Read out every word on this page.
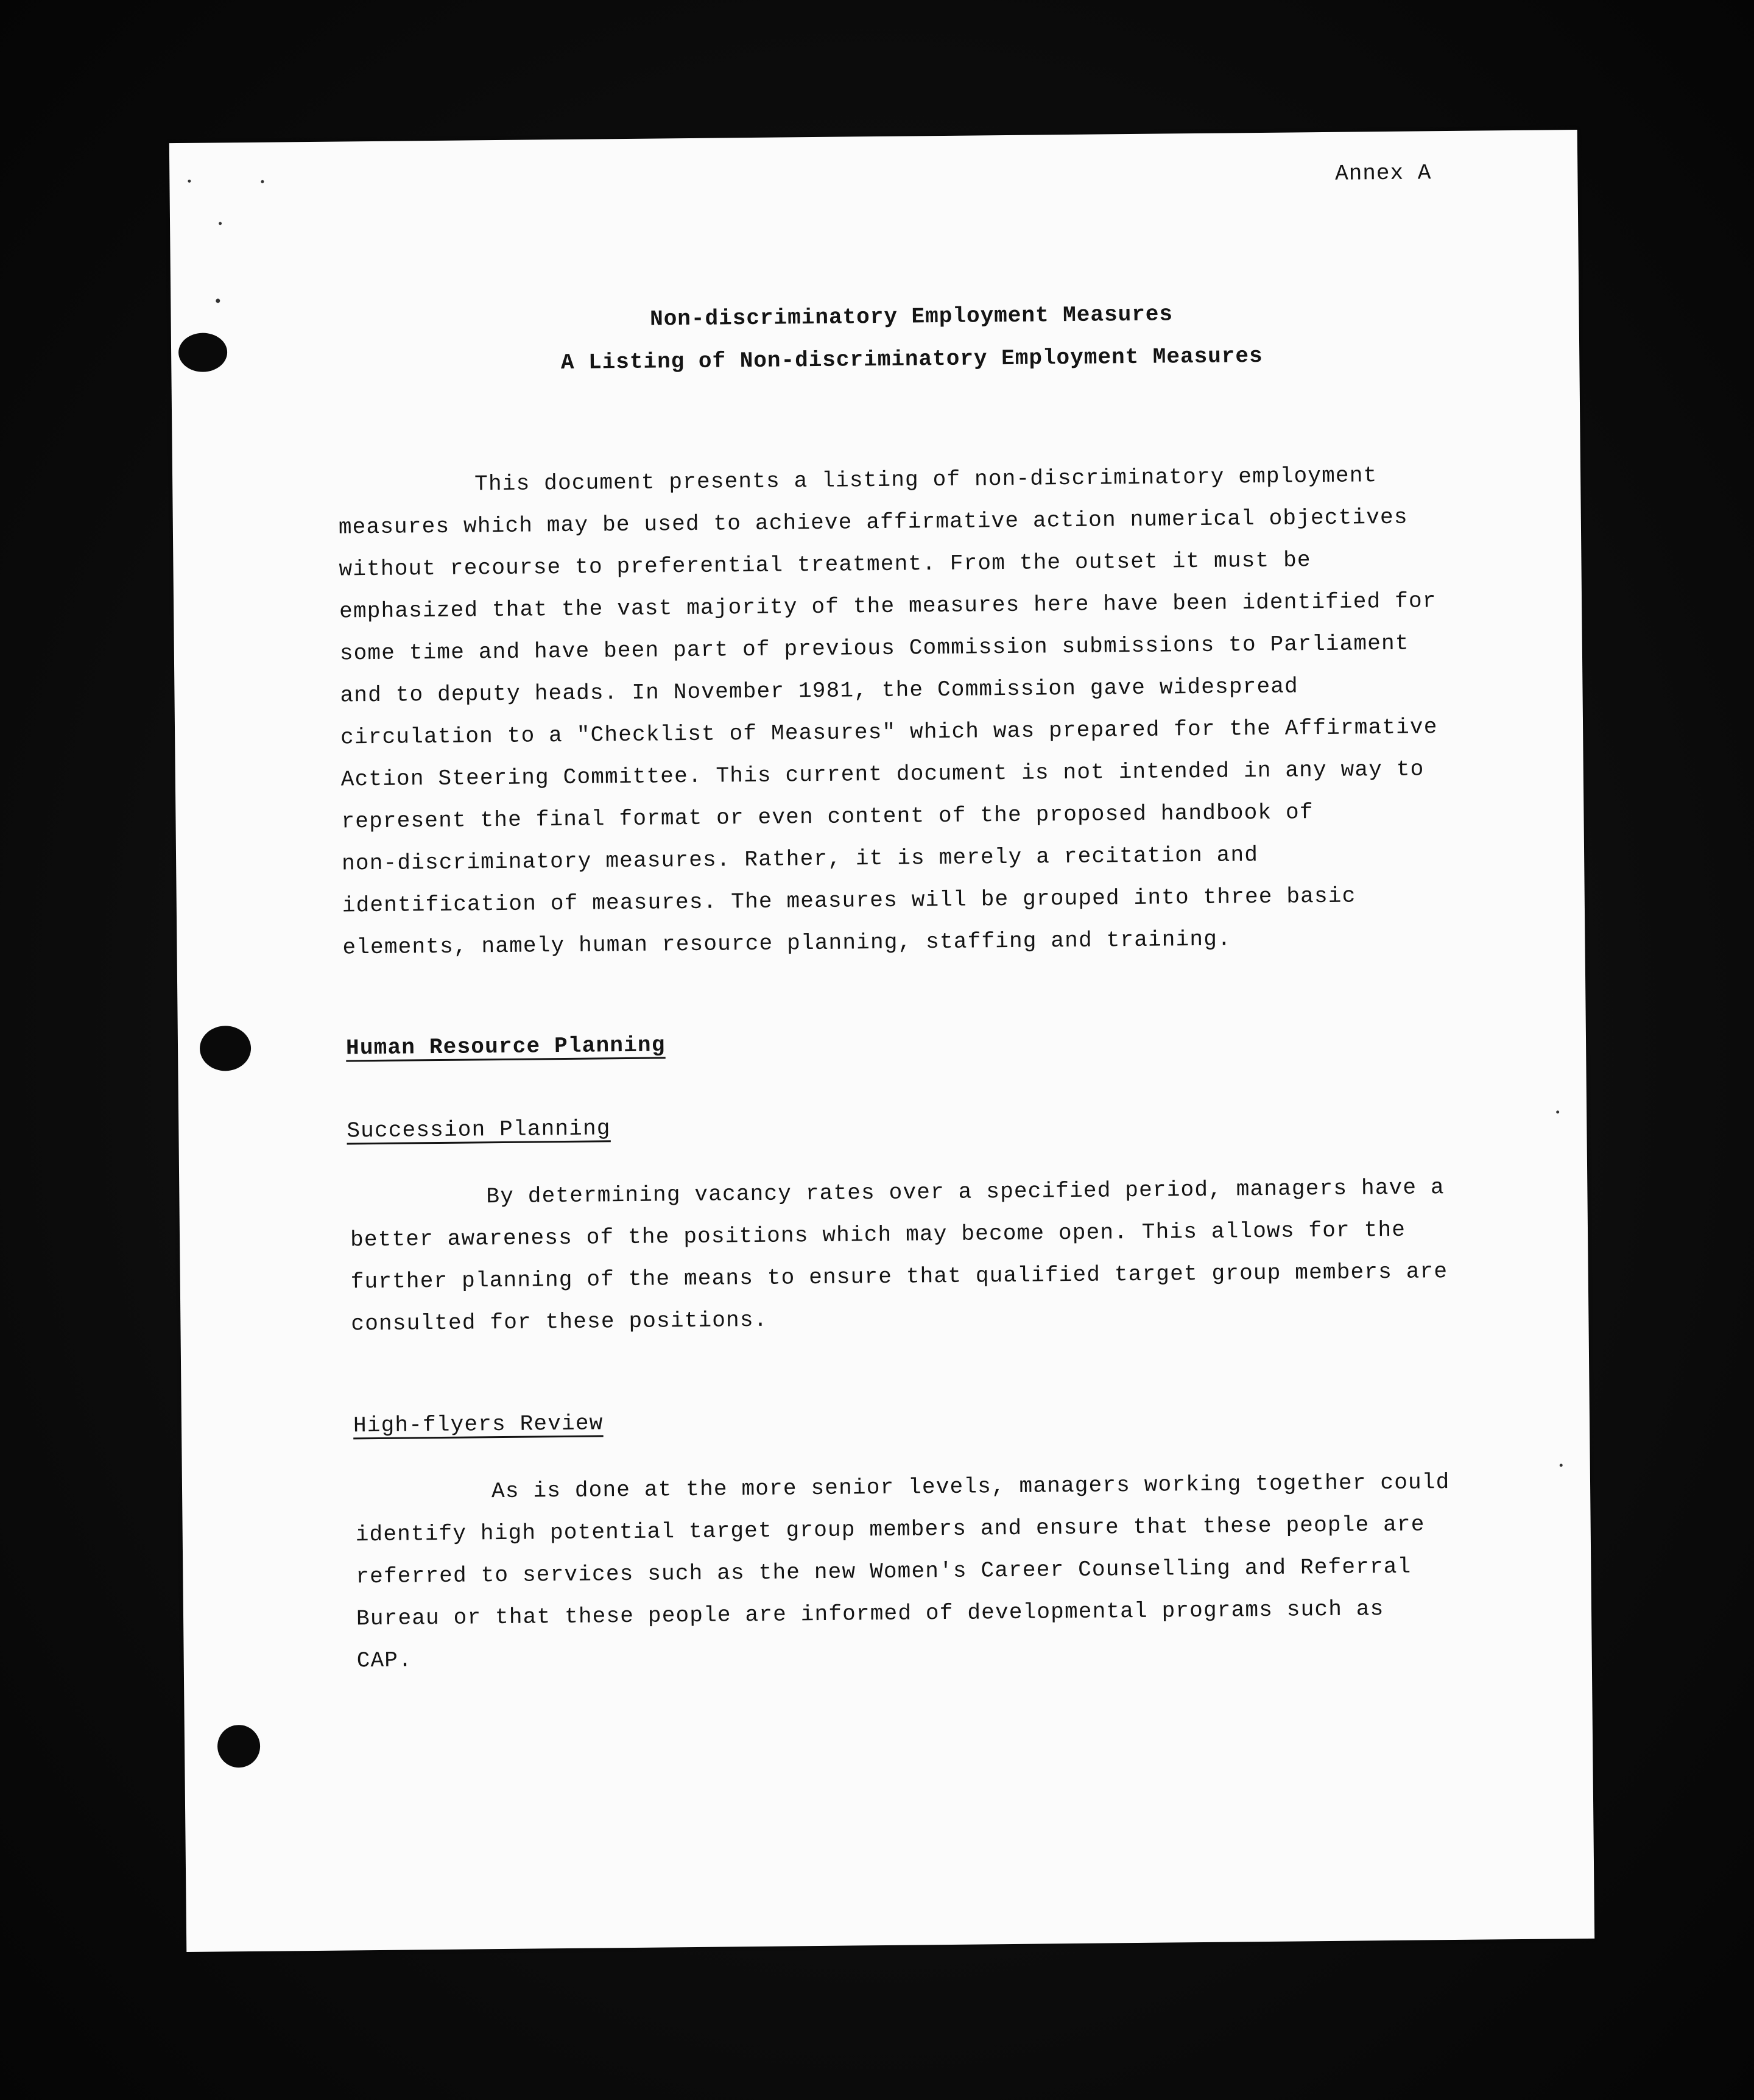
Annex A
Non-discriminatory Employment Measures
A Listing of Non-discriminatory Employment Measures

This document presents a listing of non-discriminatory employment
measures which may be used to achieve affirmative action numerical objectives
without recourse to preferential treatment. From the outset it must be
emphasized that the vast majority of the measures here have been identified for
some time and have been part of previous Commission submissions to Parliament
and to deputy heads. In November 1981, the Commission gave widespread
circulation to a "Checklist of Measures" which was prepared for the Affirmative
Action Steering Committee. This current document is not intended in any way to
represent the final format or even content of the proposed handbook of
non-discriminatory measures. Rather, it is merely a recitation and
identification of measures. The measures will be grouped into three basic
elements, namely human resource planning, staffing and training.

Human Resource Planning
Succession Planning

By determining vacancy rates over a specified period, managers have a
better awareness of the positions which may become open. This allows for the
further planning of the means to ensure that qualified target group members are
consulted for these positions.

High-flyers Review

As is done at the more senior levels, managers working together could
identify high potential target group members and ensure that these people are
referred to services such as the new Women's Career Counselling and Referral
Bureau or that these people are informed of developmental programs such as
CAP.
